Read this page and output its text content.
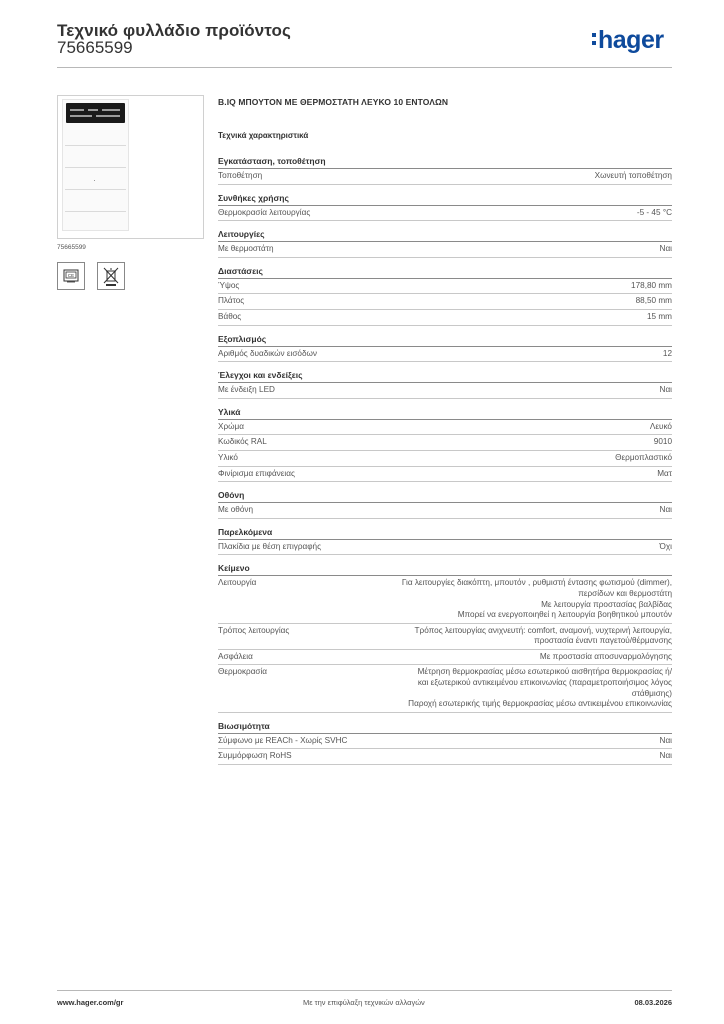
Τεχνικό φυλλάδιο προϊόντος
75665599	hager
75665599
CE
B.IQ ΜΠΟΥΤΟΝ ΜΕ ΘΕΡΜΟΣΤΑΤΗ ΛΕΥΚΟ 10 ΕΝΤΟΛΩΝ
Τεχνικά χαρακτηριστικά
Εγκατάσταση, τοποθέτηση
Τοποθέτηση	Χωνευτή τοποθέτηση
Συνθήκες χρήσης
Θερμοκρασία λειτουργίας	-5 - 45 °C
Λειτουργίες
Με θερμοστάτη	Ναι
Διαστάσεις
Ύψος	178,80 mm
Πλάτος	88,50 mm
Βάθος	15 mm
Εξοπλισμός
Αριθμός δυαδικών εισόδων	12
Έλεγχοι και ενδείξεις
Με ένδειξη LED	Ναι
Υλικά
Χρώμα	Λευκό
Κωδικός RAL	9010
Υλικό	Θερμοπλαστικό
Φινίρισμα επιφάνειας	Ματ
Οθόνη
Με οθόνη	Ναι
Παρελκόμενα
Πλακίδια με θέση επιγραφής	Όχι
Κείμενο
Λειτουργία	Για λειτουργίες διακόπτη, μπουτόν , ρυθμιστή έντασης φωτισμού (dimmer),
περσίδων και θερμοστάτη
Με λειτουργία προστασίας βαλβίδας
Μπορεί να ενεργοποιηθεί η λειτουργία βοηθητικού μπουτόν
Τρόπος λειτουργίας	Τρόπος λειτουργίας ανιχνευτή: comfort, αναμονή, νυχτερινή λειτουργία,
προστασία έναντι παγετού/θέρμανσης
Ασφάλεια	Με προστασία αποσυναρμολόγησης
Θερμοκρασία	Μέτρηση θερμοκρασίας μέσω εσωτερικού αισθητήρα θερμοκρασίας ή/
και εξωτερικού αντικειμένου επικοινωνίας (παραμετροποιήσιμος λόγος
στάθμισης)
Παροχή εσωτερικής τιμής θερμοκρασίας μέσω αντικειμένου επικοινωνίας
Βιωσιμότητα
Σύμφωνο με REACh - Χωρίς SVHC	Ναι
Συμμόρφωση RoHS	Ναι
www.hager.com/gr	Με την επιφύλαξη τεχνικών αλλαγών	08.03.2026
